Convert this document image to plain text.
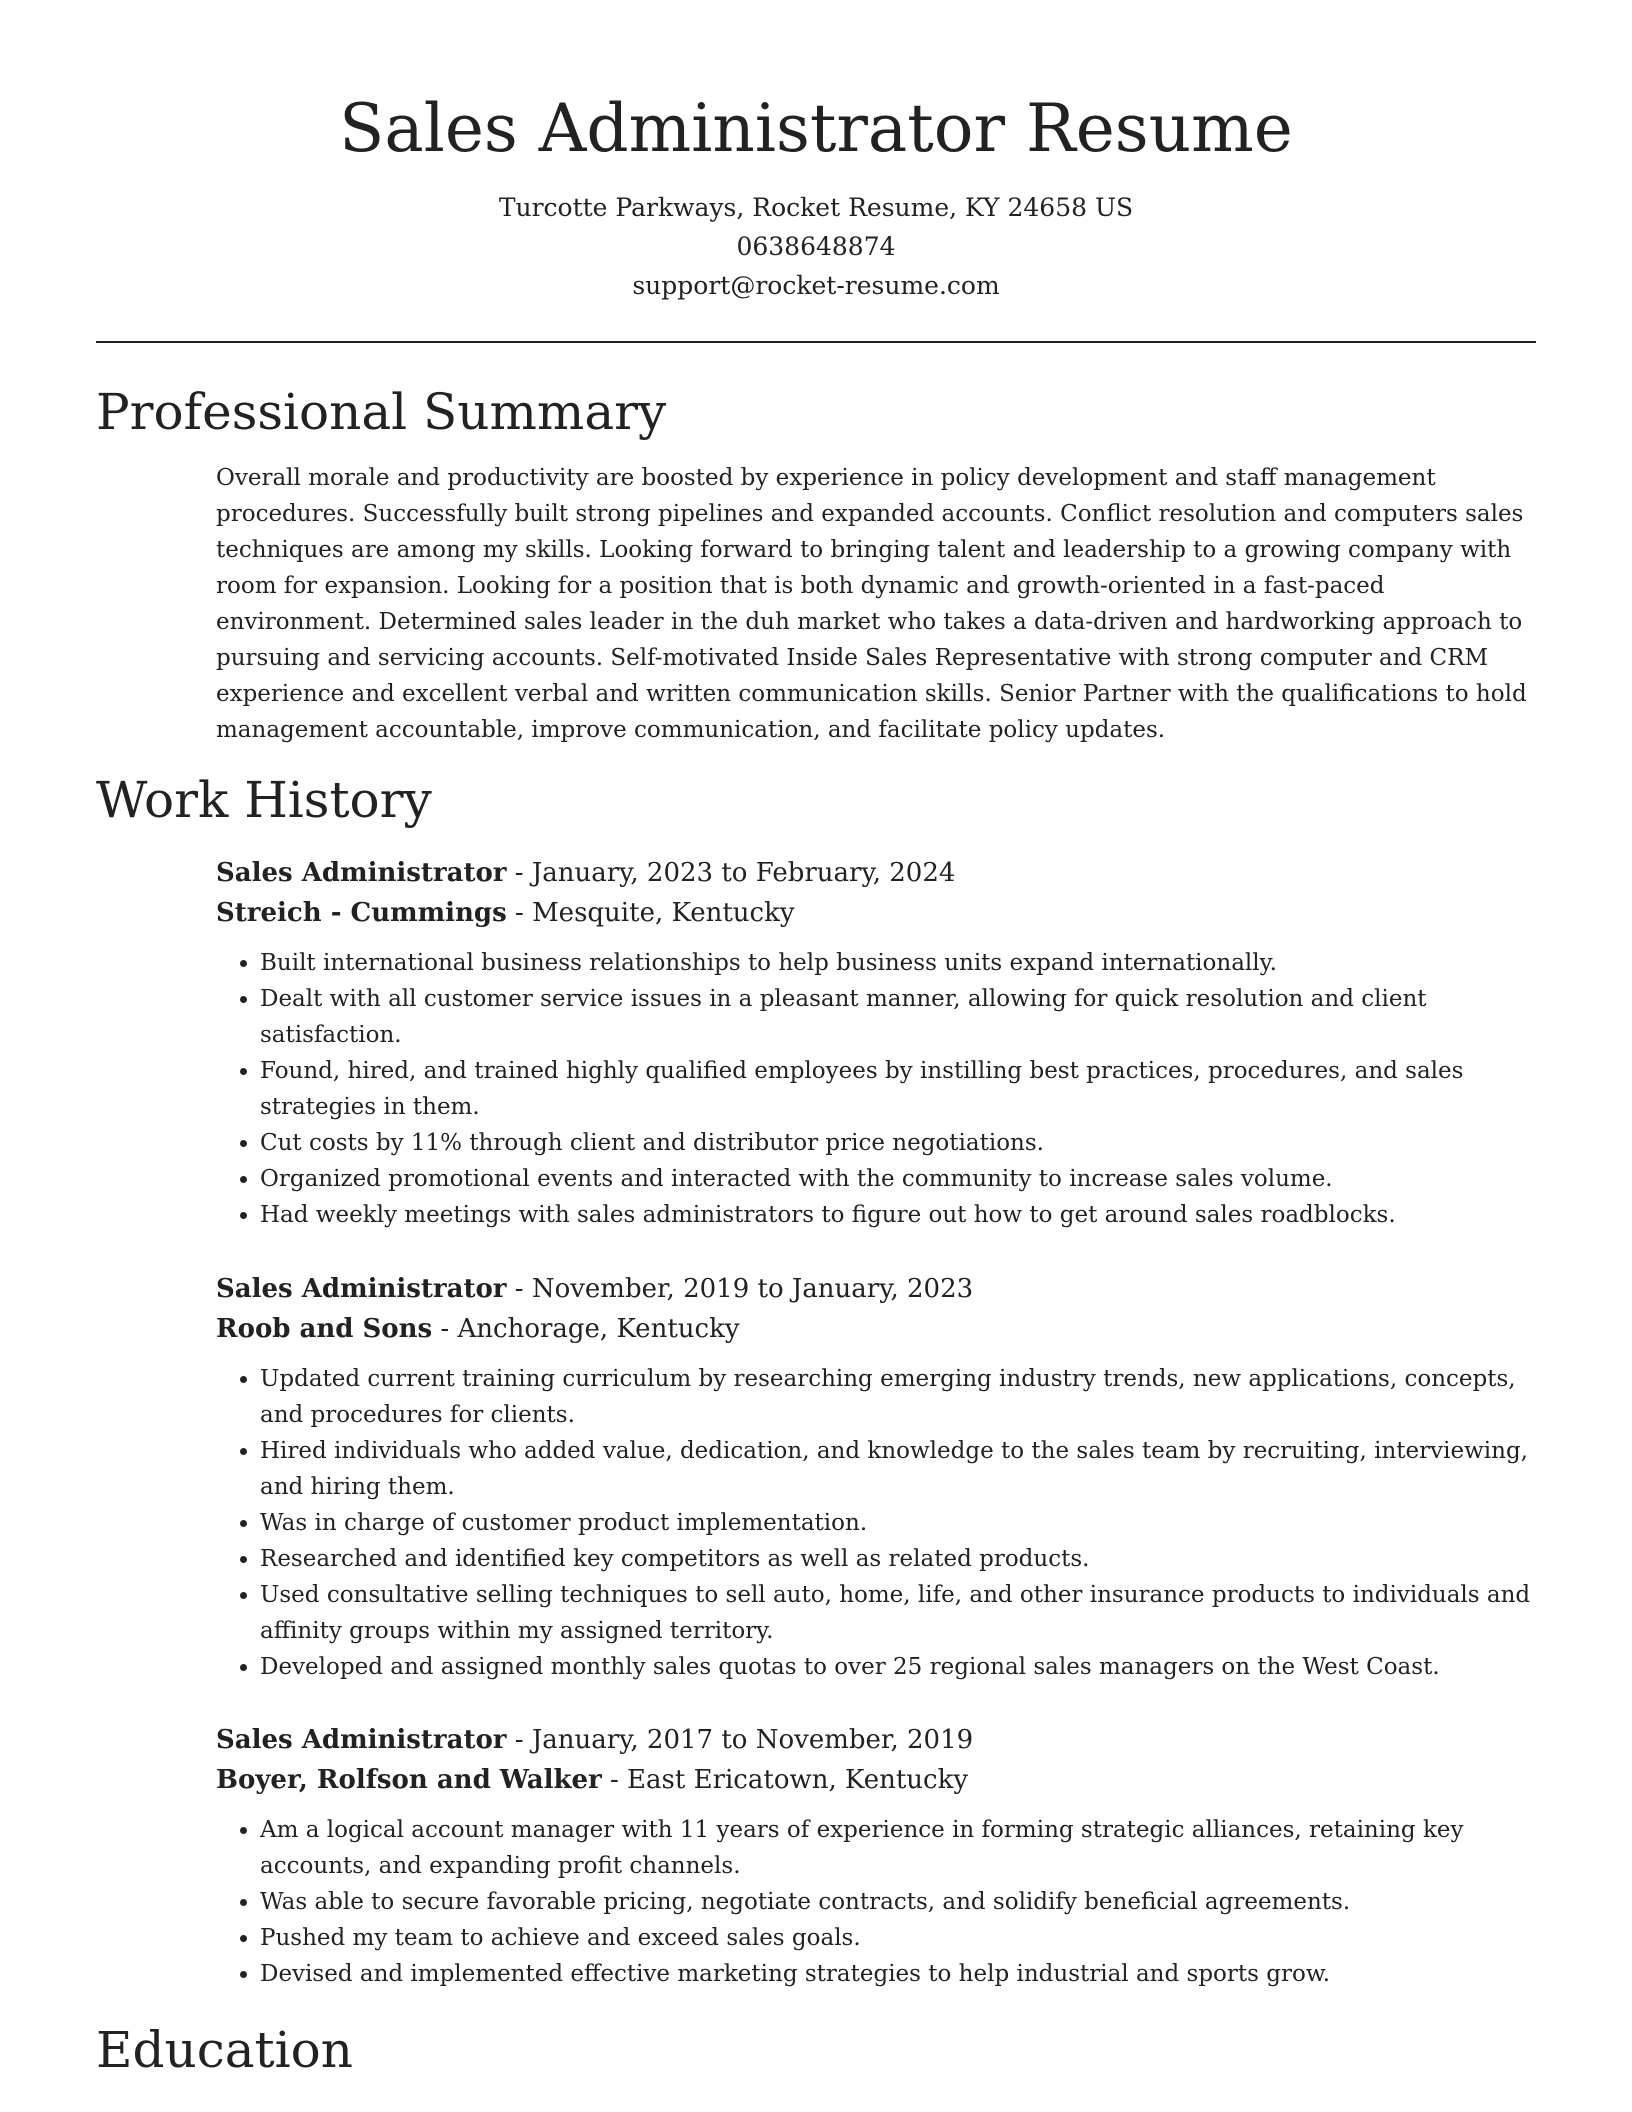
Sales Administrator Resume
Turcotte Parkways, Rocket Resume, KY 24658 US
0638648874
support@rocket-resume.com
Professional Summary

Overall morale and productivity are boosted by experience in policy development and staff management procedures. Successfully built strong pipelines and expanded accounts. Conflict resolution and computers sales techniques are among my skills. Looking forward to bringing talent and leadership to a growing company with room for expansion. Looking for a position that is both dynamic and growth-oriented in a fast-paced environment. Determined sales leader in the duh market who takes a data-driven and hardworking approach to pursuing and servicing accounts. Self-motivated Inside Sales Representative with strong computer and CRM experience and excellent verbal and written communication skills. Senior Partner with the qualifications to hold management accountable, improve communication, and facilitate policy updates.

Work History
Sales Administrator - January, 2023 to February, 2024
Streich - Cummings - Mesquite, Kentucky
• Built international business relationships to help business units expand internationally.
• Dealt with all customer service issues in a pleasant manner, allowing for quick resolution and client satisfaction.
• Found, hired, and trained highly qualified employees by instilling best practices, procedures, and sales strategies in them.
• Cut costs by 11% through client and distributor price negotiations.
• Organized promotional events and interacted with the community to increase sales volume.
• Had weekly meetings with sales administrators to figure out how to get around sales roadblocks.
Sales Administrator - November, 2019 to January, 2023
Roob and Sons - Anchorage, Kentucky
• Updated current training curriculum by researching emerging industry trends, new applications, concepts, and procedures for clients.
• Hired individuals who added value, dedication, and knowledge to the sales team by recruiting, interviewing, and hiring them.
• Was in charge of customer product implementation.
• Researched and identified key competitors as well as related products.
• Used consultative selling techniques to sell auto, home, life, and other insurance products to individuals and affinity groups within my assigned territory.
• Developed and assigned monthly sales quotas to over 25 regional sales managers on the West Coast.
Sales Administrator - January, 2017 to November, 2019
Boyer, Rolfson and Walker - East Ericatown, Kentucky
• Am a logical account manager with 11 years of experience in forming strategic alliances, retaining key accounts, and expanding profit channels.
• Was able to secure favorable pricing, negotiate contracts, and solidify beneficial agreements.
• Pushed my team to achieve and exceed sales goals.
• Devised and implemented effective marketing strategies to help industrial and sports grow.
Education
